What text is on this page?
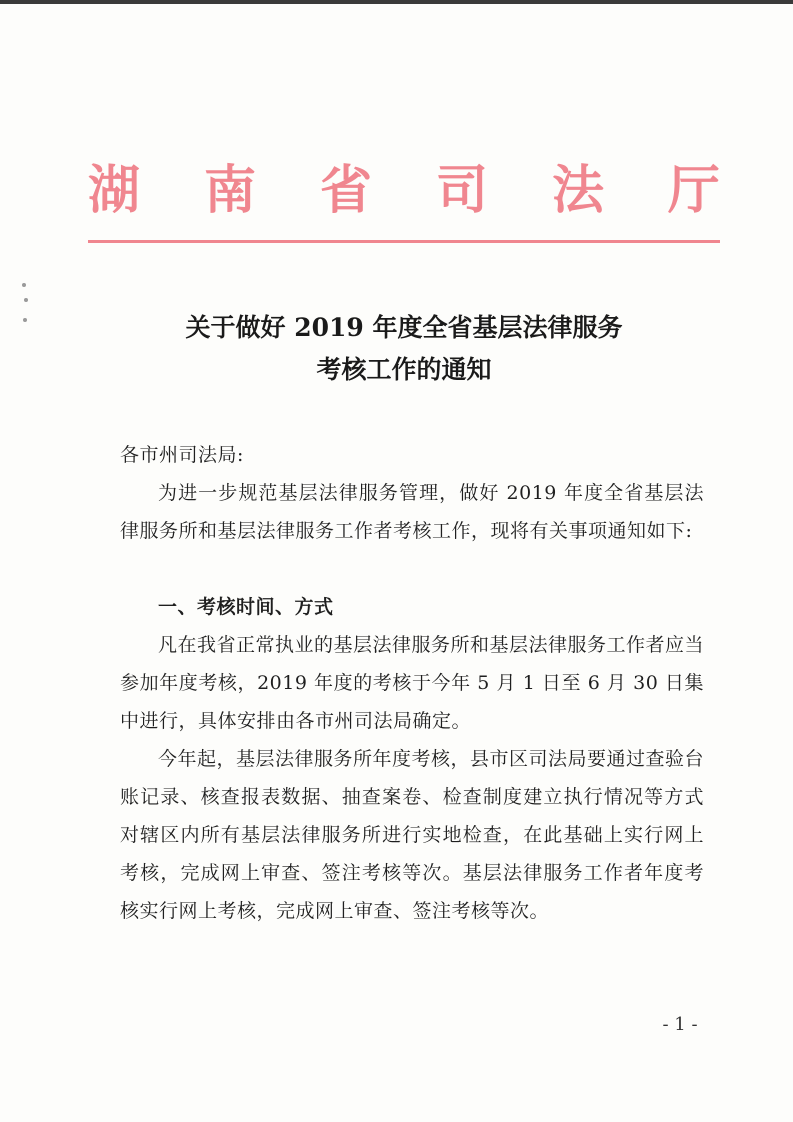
湖 南 省 司 法 厅
关于做好 2019 年度全省基层法律服务
考核工作的通知
各市州司法局:
为进一步规范基层法律服务管理，做好 2019 年度全省基层法律服务所和基层法律服务工作者考核工作，现将有关事项通知如下:
一、考核时间、方式
凡在我省正常执业的基层法律服务所和基层法律服务工作者应当参加年度考核，2019 年度的考核于今年 5 月 1 日至 6 月 30 日集中进行，具体安排由各市州司法局确定。
今年起，基层法律服务所年度考核，县市区司法局要通过查验台账记录、核查报表数据、抽查案卷、检查制度建立执行情况等方式对辖区内所有基层法律服务所进行实地检查，在此基础上实行网上考核，完成网上审查、签注考核等次。基层法律服务工作者年度考核实行网上考核，完成网上审查、签注考核等次。
- 1 -
